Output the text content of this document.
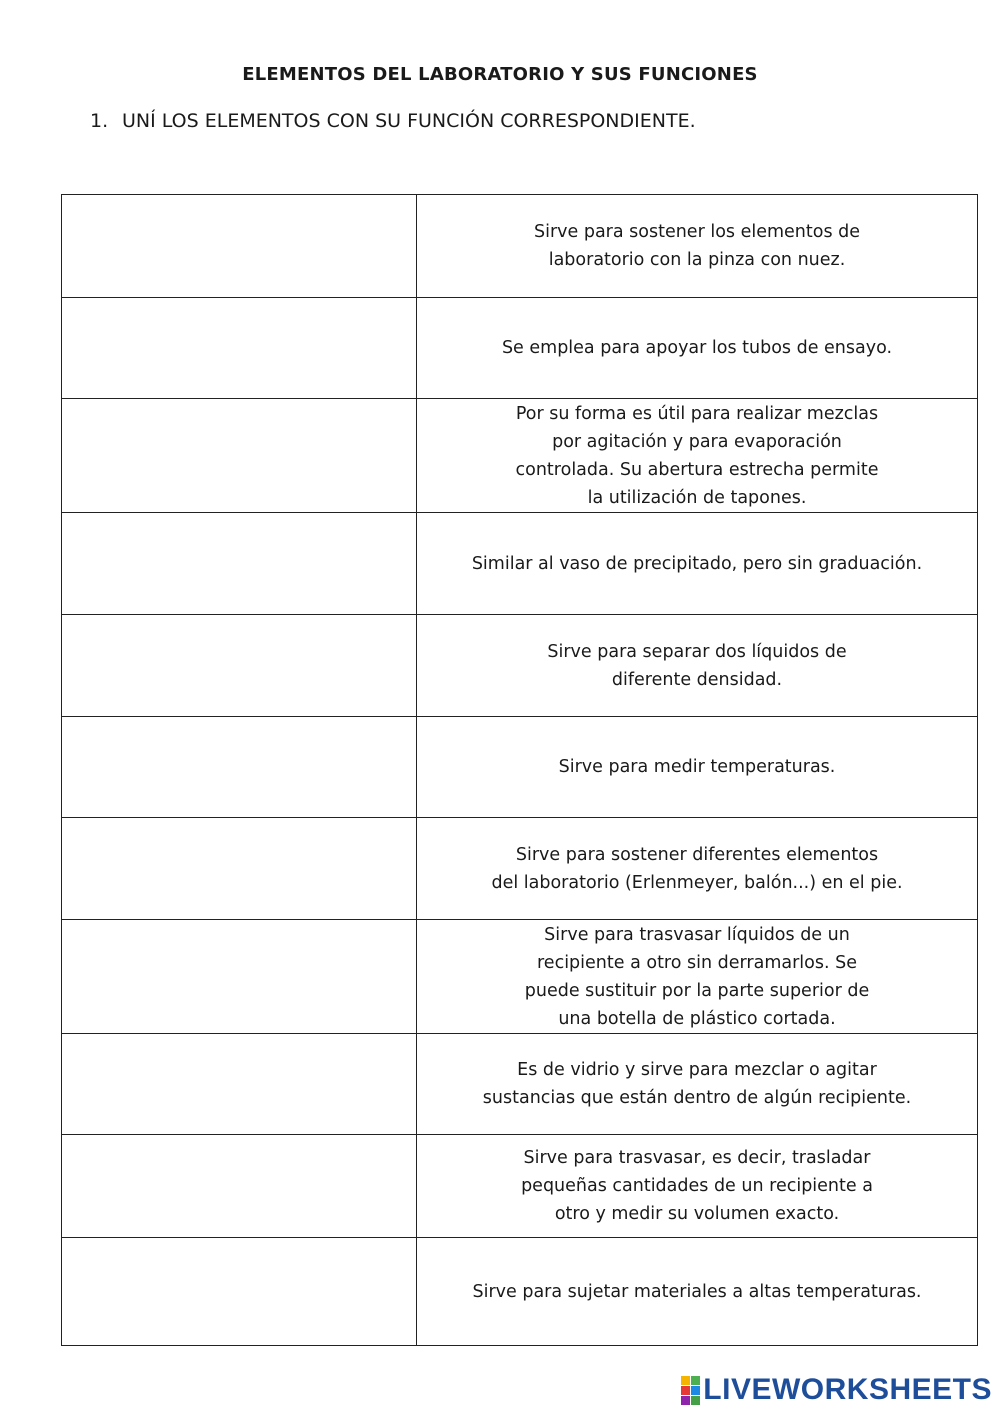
ELEMENTOS DEL LABORATORIO Y SUS FUNCIONES
1. UNÍ LOS ELEMENTOS CON SU FUNCIÓN CORRESPONDIENTE.

	Sirve para sostener los elementos de
laboratorio con la pinza con nuez.

	Se emplea para apoyar los tubos de ensayo.

	Por su forma es útil para realizar mezclas
por agitación y para evaporación
controlada. Su abertura estrecha permite
la utilización de tapones.

	Similar al vaso de precipitado, pero sin graduación.

	Sirve para separar dos líquidos de
diferente densidad.

	Sirve para medir temperaturas.

	Sirve para sostener diferentes elementos
del laboratorio (Erlenmeyer, balón...) en el pie.

	Sirve para trasvasar líquidos de un
recipiente a otro sin derramarlos. Se
puede sustituir por la parte superior de
una botella de plástico cortada.

	Es de vidrio y sirve para mezclar o agitar
sustancias que están dentro de algún recipiente.

	Sirve para trasvasar, es decir, trasladar
pequeñas cantidades de un recipiente a
otro y medir su volumen exacto.

	Sirve para sujetar materiales a altas temperaturas.
LIVEWORKSHEETS
